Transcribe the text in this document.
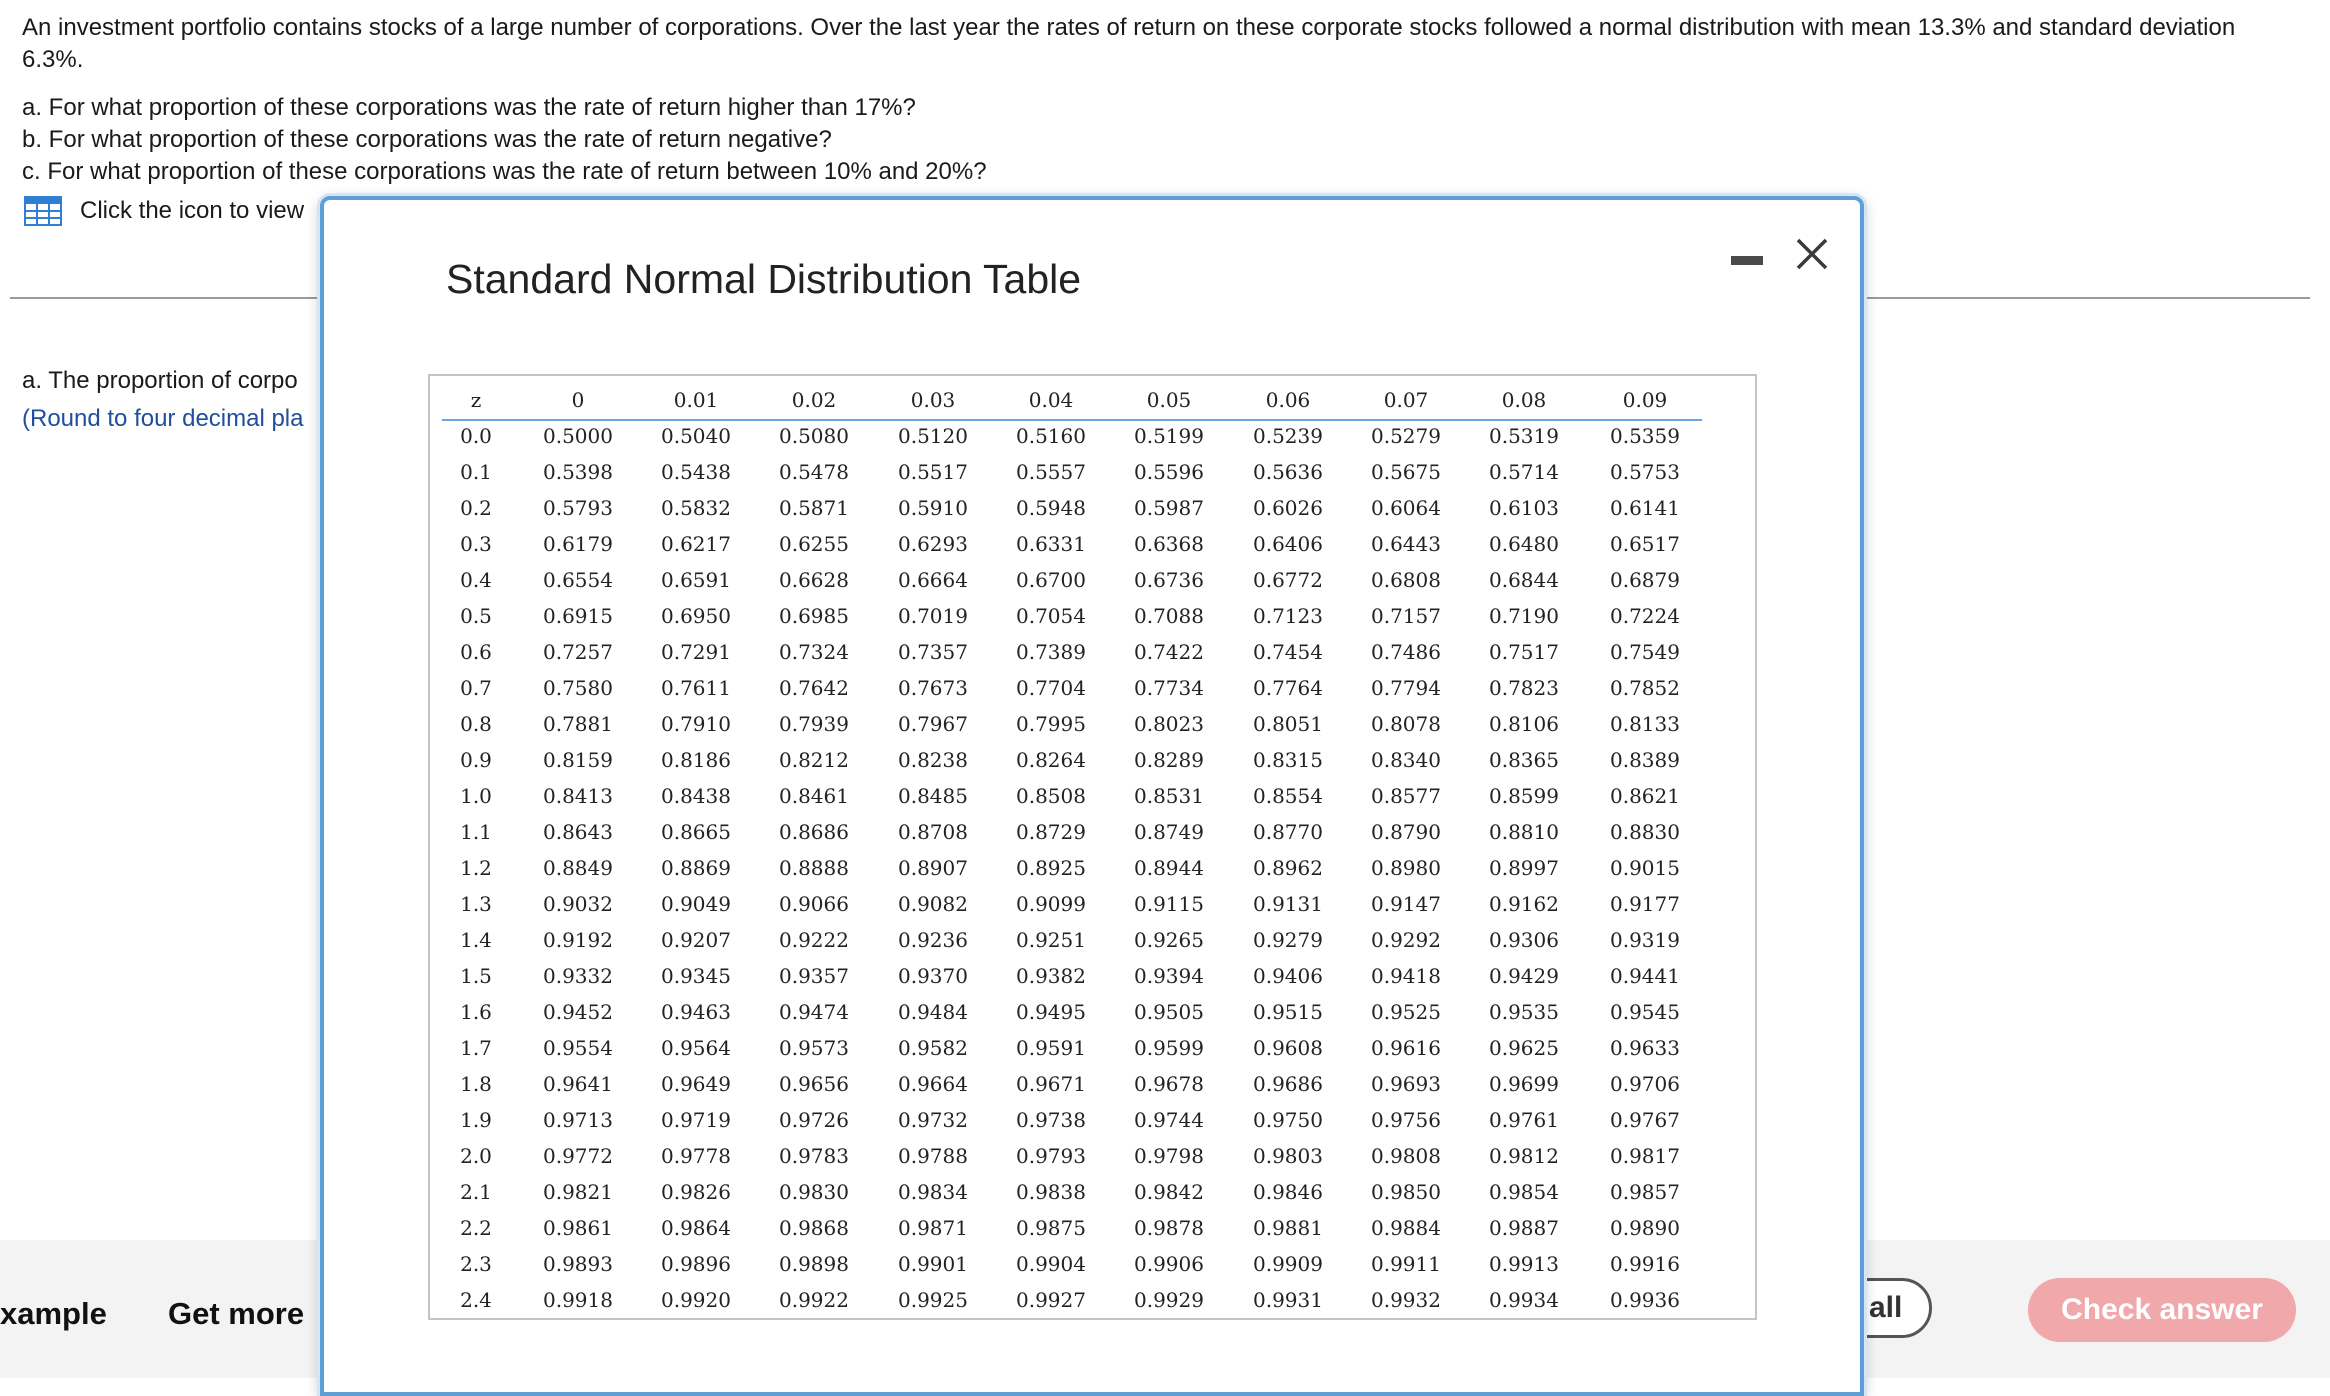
An investment portfolio contains stocks of a large number of corporations. Over the last year the rates of return on these corporate stocks followed a normal distribution with mean 13.3% and standard deviation 6.3%.

a. For what proportion of these corporations was the rate of return higher than 17%?
b. For what proportion of these corporations was the rate of return negative?
c. For what proportion of these corporations was the rate of return between 10% and 20%?
Click the icon to view
a. The proportion of corpo
(Round to four decimal pla
xample Get more	all	Check answer
Standard Normal Distribution Table
z	0	0.01	0.02	0.03	0.04	0.05	0.06	0.07	0.08	0.09
0.0	0.5000 0.5040 0.5080 0.5120 0.5160 0.5199 0.5239 0.5279 0.5319	0.5359
0.1	0.5398 0.5438 0.5478 0.5517 0.5557 0.5596 0.5636 0.5675 0.5714	0.5753
0.2	0.5793 0.5832 0.5871 0.5910 0.5948 0.5987 0.6026 0.6064 0.6103	0.6141
0.3	0.6179 0.6217 0.6255 0.6293 0.6331 0.6368 0.6406 0.6443 0.6480	0.6517
0.4	0.6554 0.6591 0.6628 0.6664 0.6700 0.6736 0.6772 0.6808 0.6844	0.6879
0.5	0.6915 0.6950 0.6985 0.7019 0.7054 0.7088 0.7123 0.7157 0.7190	0.7224
0.6	0.7257 0.7291 0.7324 0.7357 0.7389 0.7422 0.7454 0.7486 0.7517	0.7549
0.7	0.7580 0.7611 0.7642 0.7673 0.7704 0.7734 0.7764 0.7794 0.7823	0.7852
0.8	0.7881 0.7910 0.7939 0.7967 0.7995 0.8023 0.8051 0.8078 0.8106	0.8133
0.9	0.8159 0.8186 0.8212 0.8238 0.8264 0.8289 0.8315 0.8340 0.8365	0.8389
1.0	0.8413 0.8438 0.8461 0.8485 0.8508 0.8531 0.8554 0.8577 0.8599	0.8621
1.1	0.8643 0.8665 0.8686 0.8708 0.8729 0.8749 0.8770 0.8790 0.8810	0.8830
1.2	0.8849 0.8869 0.8888 0.8907 0.8925 0.8944 0.8962 0.8980 0.8997	0.9015
1.3	0.9032 0.9049 0.9066 0.9082 0.9099 0.9115 0.9131 0.9147 0.9162	0.9177
1.4	0.9192 0.9207 0.9222 0.9236 0.9251 0.9265 0.9279 0.9292 0.9306	0.9319
1.5	0.9332 0.9345 0.9357 0.9370 0.9382 0.9394 0.9406 0.9418 0.9429	0.9441
1.6	0.9452 0.9463 0.9474 0.9484 0.9495 0.9505 0.9515 0.9525 0.9535	0.9545
1.7	0.9554 0.9564 0.9573 0.9582 0.9591 0.9599 0.9608 0.9616 0.9625	0.9633
1.8	0.9641 0.9649 0.9656 0.9664 0.9671 0.9678 0.9686 0.9693 0.9699	0.9706
1.9	0.9713 0.9719 0.9726 0.9732 0.9738 0.9744 0.9750 0.9756 0.9761	0.9767
2.0	0.9772 0.9778 0.9783 0.9788 0.9793 0.9798 0.9803 0.9808 0.9812	0.9817
2.1	0.9821 0.9826 0.9830 0.9834 0.9838 0.9842 0.9846 0.9850 0.9854	0.9857
2.2	0.9861 0.9864 0.9868 0.9871 0.9875 0.9878 0.9881 0.9884 0.9887	0.9890
2.3	0.9893 0.9896 0.9898 0.9901 0.9904 0.9906 0.9909 0.9911 0.9913	0.9916
2.4	0.9918 0.9920 0.9922 0.9925 0.9927 0.9929 0.9931 0.9932 0.9934	0.9936
